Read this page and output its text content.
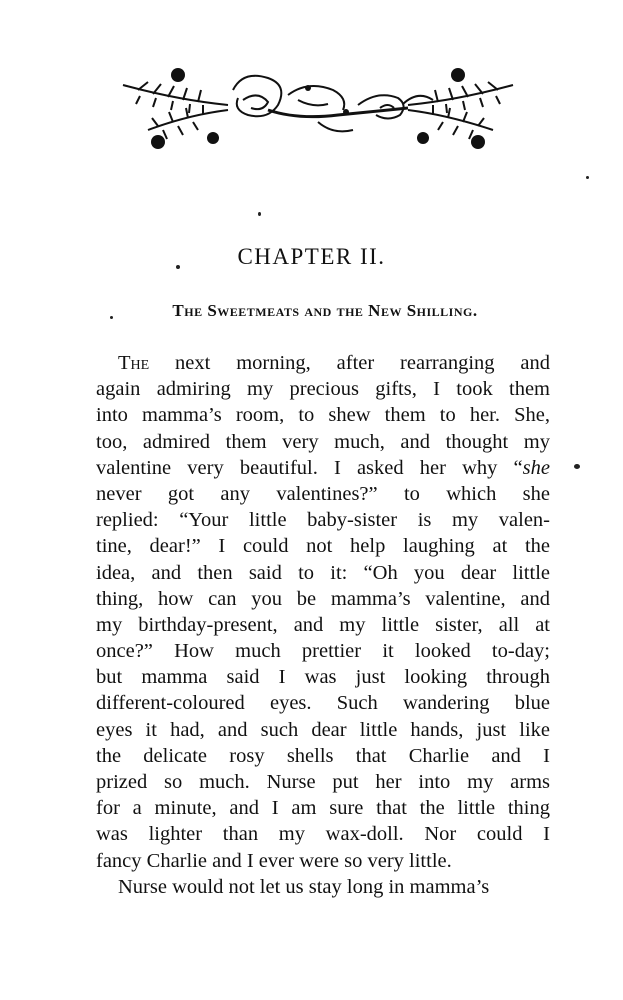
CHAPTER II.
The Sweetmeats and the New Shilling.
The next morning, after rearranging and
again admiring my precious gifts, I took them
into mamma’s room, to shew them to her. She,
too, admired them very much, and thought my
valentine very beautiful. I asked her why “she
never got any valentines?” to which she
replied: “Your little baby-sister is my valen-
tine, dear!” I could not help laughing at the
idea, and then said to it: “Oh you dear little
thing, how can you be mamma’s valentine, and
my birthday-present, and my little sister, all at
once?” How much prettier it looked to-day;
but mamma said I was just looking through
different-coloured eyes. Such wandering blue
eyes it had, and such dear little hands, just like
the delicate rosy shells that Charlie and I
prized so much. Nurse put her into my arms
for a minute, and I am sure that the little thing
was lighter than my wax-doll. Nor could I
fancy Charlie and I ever were so very little.
Nurse would not let us stay long in mamma’s
